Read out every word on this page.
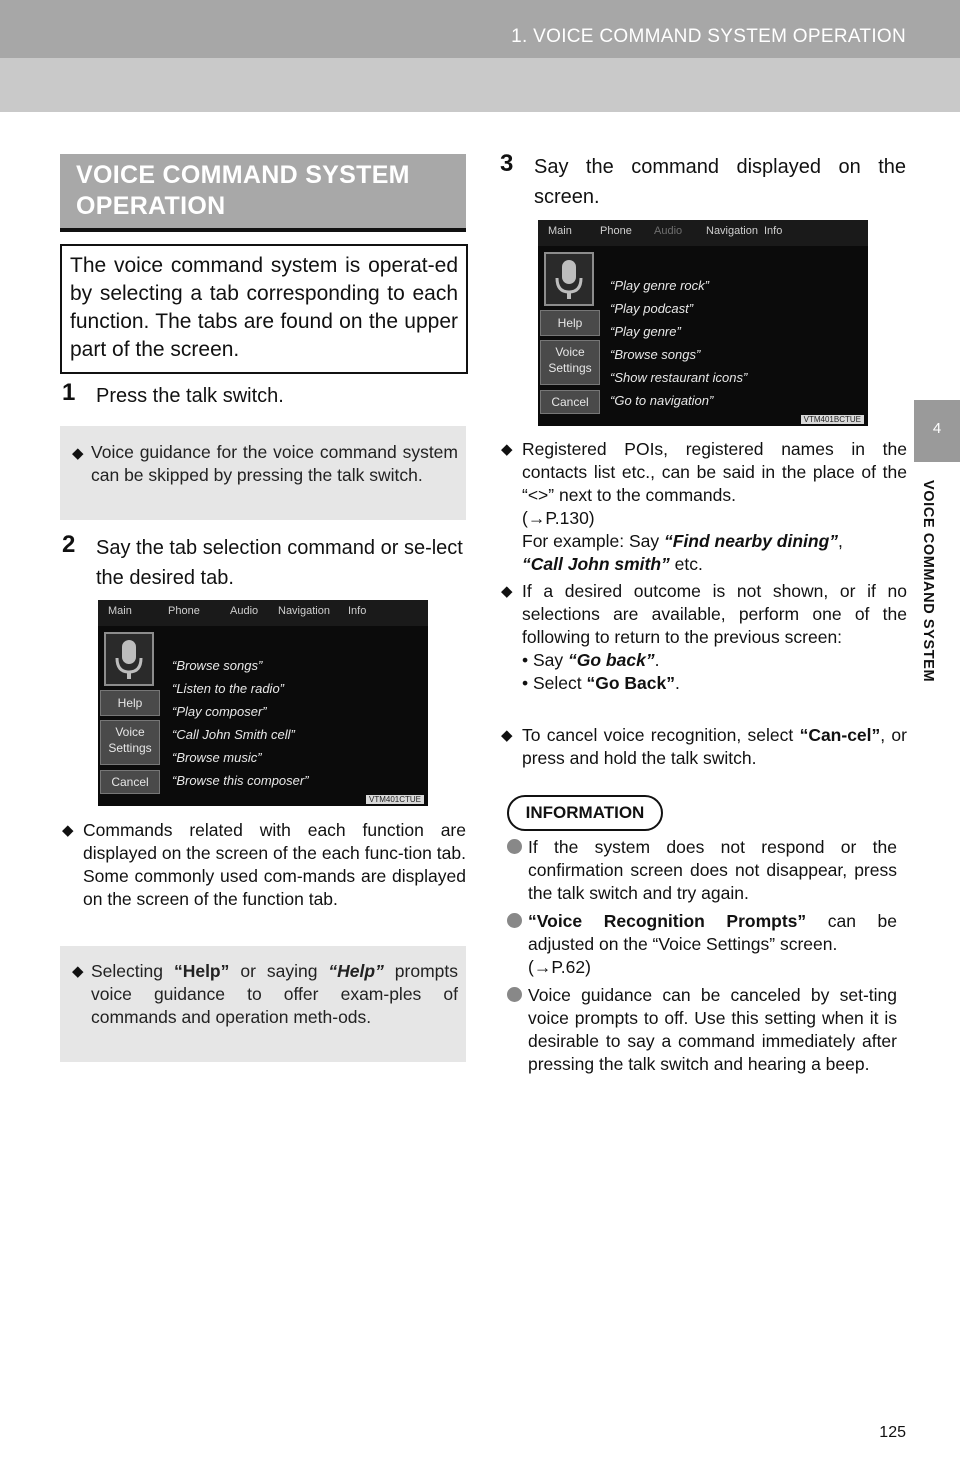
1. VOICE COMMAND SYSTEM OPERATION
4
VOICE COMMAND SYSTEM
VOICE COMMAND SYSTEM
OPERATION
The voice command system is operat-ed by selecting a tab corresponding to each function. The tabs are found on the upper part of the screen.
1 Press the talk switch.
◆ Voice guidance for the voice command system can be skipped by pressing the talk switch.
2 Say the tab selection command or se-lect the desired tab.
Main	Phone	Audio Navigation Info
Help
Voice Settings
Cancel
“Browse songs”
“Listen to the radio”
“Play composer”
“Call John Smith cell”
“Browse music”
“Browse this composer”
VTM401CTUE
◆ Commands related with each function are displayed on the screen of the each func-tion tab. Some commonly used com-mands are displayed on the screen of the function tab.
◆ Selecting “Help” or saying “Help” prompts voice guidance to offer exam-ples of commands and operation meth-ods.
3 Say the command displayed on the screen.
Main	Phone Audio Navigation Info
Help
Voice Settings
Cancel
“Play genre rock”
“Play podcast”
“Play genre”
“Browse songs”
“Show restaurant icons”
“Go to navigation”
VTM401BCTUE
◆ Registered POIs, registered names in the contacts list etc., can be said in the place of the “<>” next to the commands.
(→P.130)
For example: Say “Find nearby dining”,
“Call John smith” etc.
◆ If a desired outcome is not shown, or if no selections are available, perform one of the following to return to the previous screen:
• Say “Go back”.
• Select “Go Back”.
◆ To cancel voice recognition, select “Can-cel”, or press and hold the talk switch.
INFORMATION
If the system does not respond or the confirmation screen does not disappear, press the talk switch and try again.
“Voice Recognition Prompts” can be adjusted on the “Voice Settings” screen.
(→P.62)
Voice guidance can be canceled by set-ting voice prompts to off. Use this setting when it is desirable to say a command immediately after pressing the talk switch and hearing a beep.
125
